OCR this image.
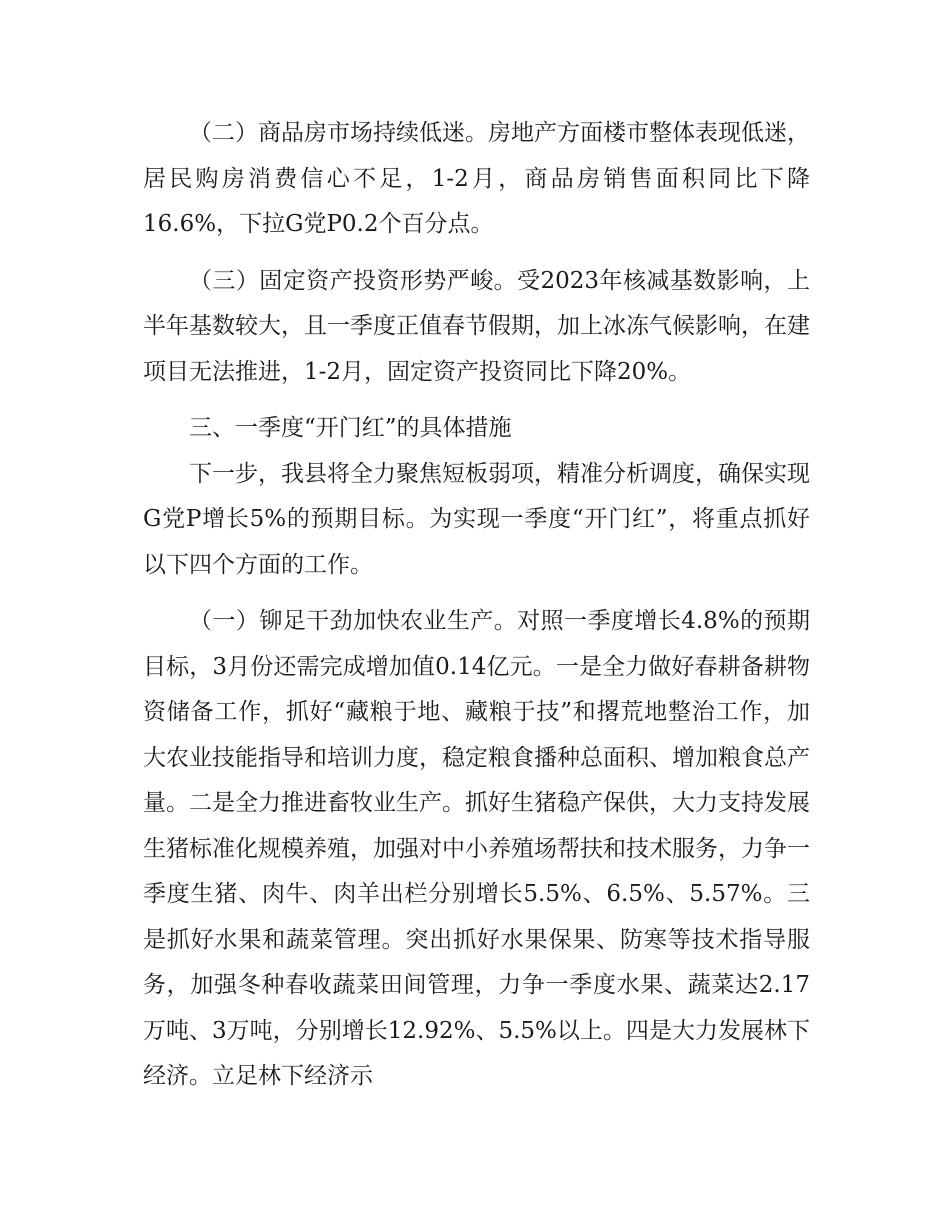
（二）商品房市场持续低迷。房地产方面楼市整体表现低迷，居民购房消费信心不足，1-2月，商品房销售面积同比下降16.6%，下拉G党P0.2个百分点。

（三）固定资产投资形势严峻。受2023年核减基数影响，上半年基数较大，且一季度正值春节假期，加上冰冻气候影响，在建项目无法推进，1-2月，固定资产投资同比下降20%。

三、一季度“开门红”的具体措施

下一步，我县将全力聚焦短板弱项，精准分析调度，确保实现G党P增长5%的预期目标。为实现一季度“开门红”，将重点抓好以下四个方面的工作。

（一）铆足干劲加快农业生产。对照一季度增长4.8%的预期目标，3月份还需完成增加值0.14亿元。一是全力做好春耕备耕物资储备工作，抓好“藏粮于地、藏粮于技”和撂荒地整治工作，加大农业技能指导和培训力度，稳定粮食播种总面积、增加粮食总产量。二是全力推进畜牧业生产。抓好生猪稳产保供，大力支持发展生猪标准化规模养殖，加强对中小养殖场帮扶和技术服务，力争一季度生猪、肉牛、肉羊出栏分别增长5.5%、6.5%、5.57%。三是抓好水果和蔬菜管理。突出抓好水果保果、防寒等技术指导服务，加强冬种春收蔬菜田间管理，力争一季度水果、蔬菜达2.17万吨、3万吨，分别增长12.92%、5.5%以上。四是大力发展林下经济。立足林下经济示
